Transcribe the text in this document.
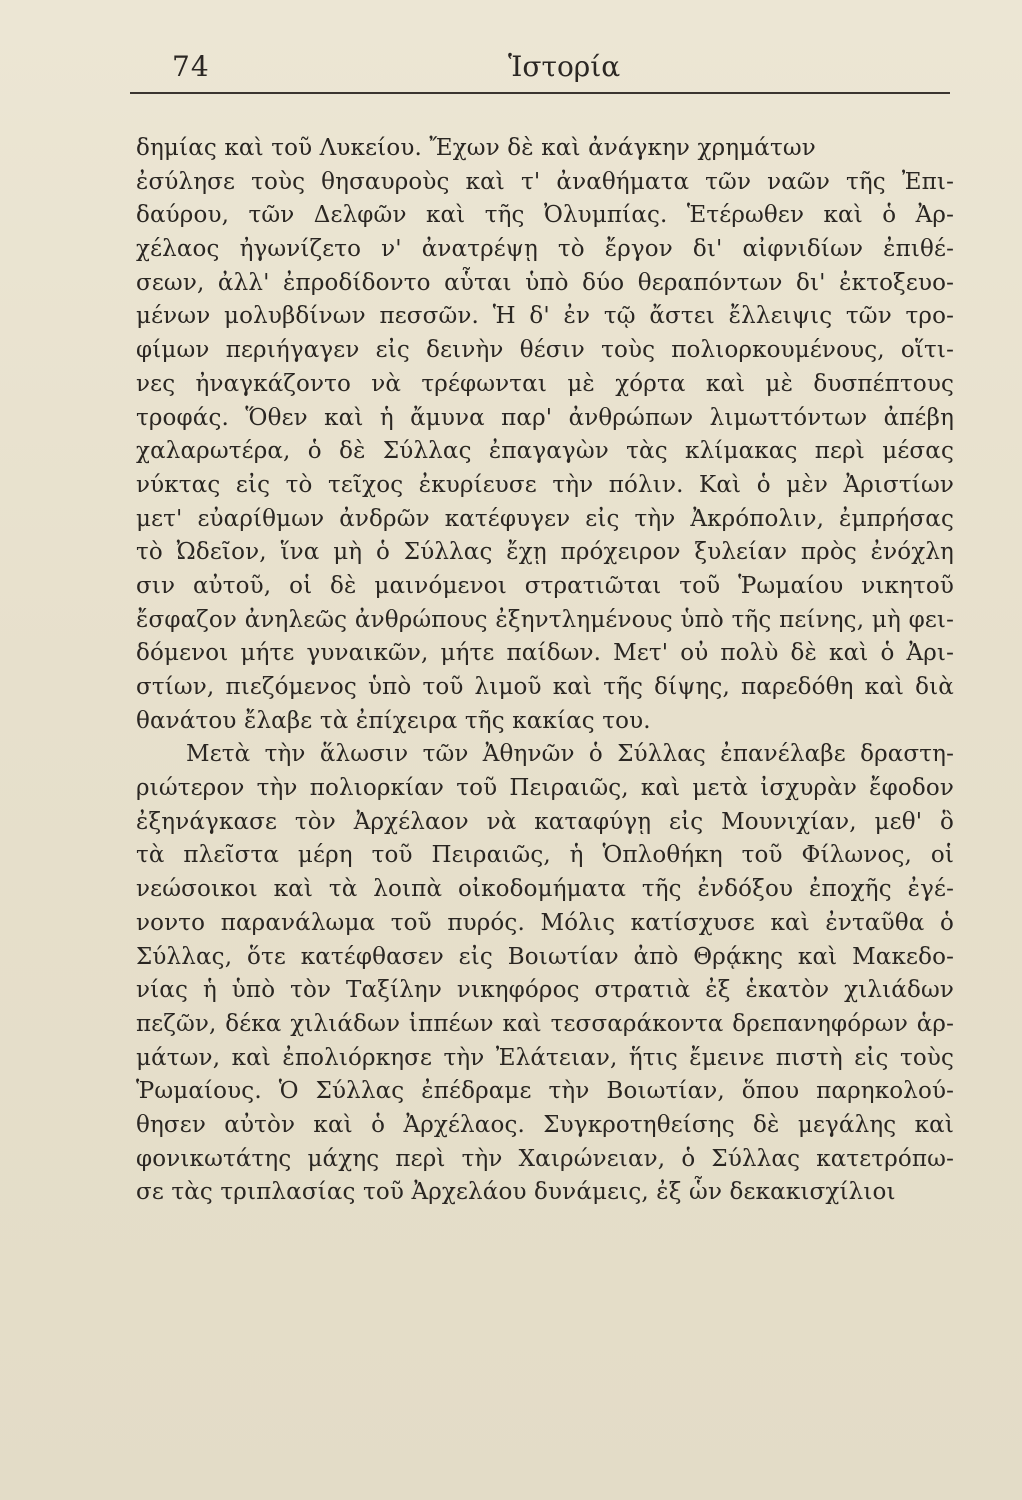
74	Ἱστορία
δημίας καὶ τοῦ Λυκείου. Ἔχων δὲ καὶ ἀνάγκην χρημάτων
ἐσύλησε τοὺς θησαυροὺς καὶ τ' ἀναθήματα τῶν ναῶν τῆς Ἐπι-
δαύρου, τῶν Δελφῶν καὶ τῆς Ὀλυμπίας. Ἑτέρωθεν καὶ ὁ Ἀρ-
χέλαος ἠγωνίζετο ν' ἀνατρέψῃ τὸ ἔργον δι' αἰφνιδίων ἐπιθέ-
σεων, ἀλλ' ἐπροδίδοντο αὗται ὑπὸ δύο θεραπόντων δι' ἐκτοξευο-
μένων μολυβδίνων πεσσῶν. Ἡ δ' ἐν τῷ ἄστει ἔλλειψις τῶν τρο-
φίμων περιήγαγεν εἰς δεινὴν θέσιν τοὺς πολιορκουμένους, οἵτι-
νες ἠναγκάζοντο νὰ τρέφωνται μὲ χόρτα καὶ μὲ δυσπέπτους
τροφάς. Ὅθεν καὶ ἡ ἄμυνα παρ' ἀνθρώπων λιμωττόντων ἀπέβη
χαλαρωτέρα, ὁ δὲ Σύλλας ἐπαγαγὼν τὰς κλίμακας περὶ μέσας
νύκτας εἰς τὸ τεῖχος ἐκυρίευσε τὴν πόλιν. Καὶ ὁ μὲν Ἀριστίων
μετ' εὐαρίθμων ἀνδρῶν κατέφυγεν εἰς τὴν Ἀκρόπολιν, ἐμπρήσας
τὸ Ὠδεῖον, ἵνα μὴ ὁ Σύλλας ἔχῃ πρόχειρον ξυλείαν πρὸς ἐνόχλη
σιν αὐτοῦ, οἱ δὲ μαινόμενοι στρατιῶται τοῦ Ῥωμαίου νικητοῦ
ἔσφαζον ἀνηλεῶς ἀνθρώπους ἐξηντλημένους ὑπὸ τῆς πείνης, μὴ φει-
δόμενοι μήτε γυναικῶν, μήτε παίδων. Μετ' οὐ πολὺ δὲ καὶ ὁ Ἀρι-
στίων, πιεζόμενος ὑπὸ τοῦ λιμοῦ καὶ τῆς δίψης, παρεδόθη καὶ διὰ
θανάτου ἔλαβε τὰ ἐπίχειρα τῆς κακίας του.
Μετὰ τὴν ἅλωσιν τῶν Ἀθηνῶν ὁ Σύλλας ἐπανέλαβε δραστη-
ριώτερον τὴν πολιορκίαν τοῦ Πειραιῶς, καὶ μετὰ ἰσχυρὰν ἔφοδον
ἐξηνάγκασε τὸν Ἀρχέλαον νὰ καταφύγῃ εἰς Μουνιχίαν, μεθ' ὃ
τὰ πλεῖστα μέρη τοῦ Πειραιῶς, ἡ Ὁπλοθήκη τοῦ Φίλωνος, οἱ
νεώσοικοι καὶ τὰ λοιπὰ οἰκοδομήματα τῆς ἐνδόξου ἐποχῆς ἐγέ-
νοντο παρανάλωμα τοῦ πυρός. Μόλις κατίσχυσε καὶ ἐνταῦθα ὁ
Σύλλας, ὅτε κατέφθασεν εἰς Βοιωτίαν ἀπὸ Θρᾴκης καὶ Μακεδο-
νίας ἡ ὑπὸ τὸν Ταξίλην νικηφόρος στρατιὰ ἐξ ἑκατὸν χιλιάδων
πεζῶν, δέκα χιλιάδων ἱππέων καὶ τεσσαράκοντα δρεπανηφόρων ἁρ-
μάτων, καὶ ἐπολιόρκησε τὴν Ἐλάτειαν, ἥτις ἔμεινε πιστὴ εἰς τοὺς
Ῥωμαίους. Ὁ Σύλλας ἐπέδραμε τὴν Βοιωτίαν, ὅπου παρηκολού-
θησεν αὐτὸν καὶ ὁ Ἀρχέλαος. Συγκροτηθείσης δὲ μεγάλης καὶ
φονικωτάτης μάχης περὶ τὴν Χαιρώνειαν, ὁ Σύλλας κατετρόπω-
σε τὰς τριπλασίας τοῦ Ἀρχελάου δυνάμεις, ἐξ ὧν δεκακισχίλιοι
